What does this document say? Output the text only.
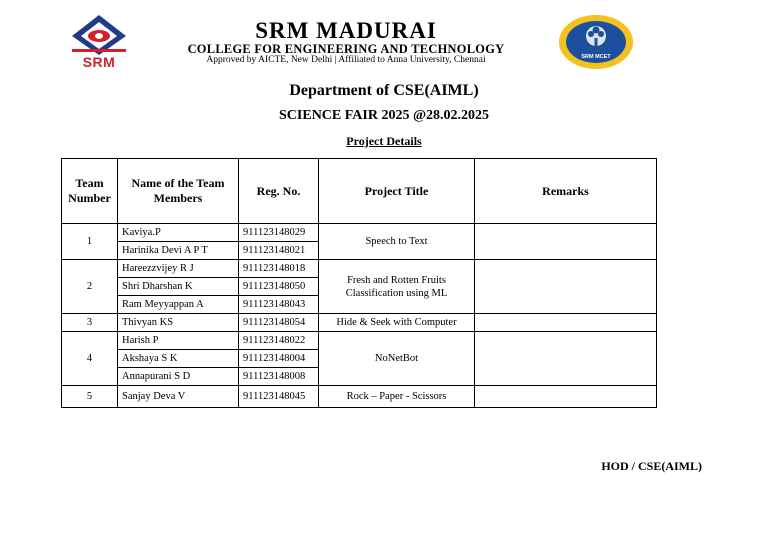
SRM
SRM MADURAI
COLLEGE FOR ENGINEERING AND TECHNOLOGY
Approved by AICTE, New Delhi | Affiliated to Anna University, Chennai	SRM MCET
Department of CSE(AIML)
SCIENCE FAIR 2025 @28.02.2025
Project Details
Team Number	Name of the Team Members	Reg. No.	Project Title	Remarks
1	Kaviya.P	911123148029	Speech to Text	
	Harinika Devi A P T	911123148021		
2	Hareezzvijey R J	911123148018	Fresh and Rotten Fruits Classification using ML	
	Shri Dharshan K	911123148050		
	Ram Meyyappan A	911123148043		
3	Thivyan KS	911123148054	Hide & Seek with Computer	
4	Harish P	911123148022	NoNetBot	
	Akshaya S K	911123148004		
	Annapurani S D	911123148008		
5	Sanjay Deva V	911123148045	Rock – Paper - Scissors	
HOD / CSE(AIML)
